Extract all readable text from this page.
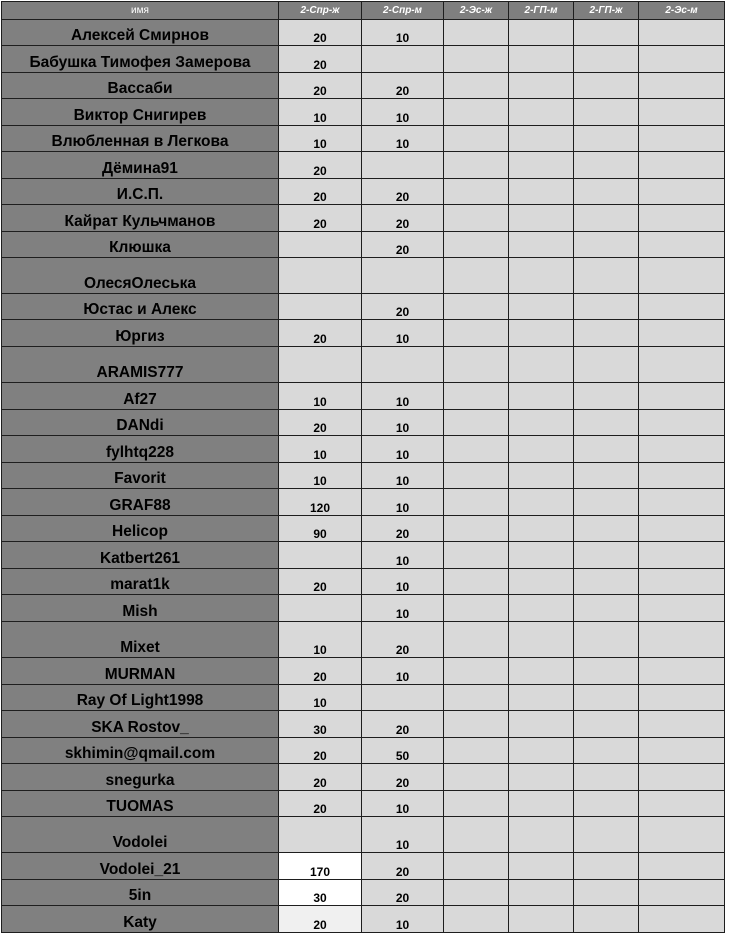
имя	2-Спр-ж	2-Спр-м	2-Эс-ж	2-ГП-м	2-ГП-ж	2-Эс-м
Алексей Смирнов	20	10				
Бабушка Тимофея Замерова	20					
Вассаби	20	20				
Виктор Снигирев	10	10				
Влюбленная в Легкова	10	10				
Дёмина91	20					
И.С.П.	20	20				
Кайрат Кульчманов	20	20				
Клюшка		20				
ОлесяОлеська						
Юстас и Алекс		20				
Юргиз	20	10				
ARAMIS777						
Af27	10	10				
DANdi	20	10				
fylhtq228	10	10				
Favorit	10	10				
GRAF88	120	10				
Helicop	90	20				
Katbert261		10				
marat1k	20	10				
Mish		10				
Mixet	10	20				
MURMAN	20	10				
Ray Of Light1998	10					
SKA Rostov_	30	20				
skhimin@qmail.com	20	50				
snegurka	20	20				
TUOMAS	20	10				
Vodolei		10				
Vodolei_21	170	20				
5in	30	20				
Katy	20	10				
